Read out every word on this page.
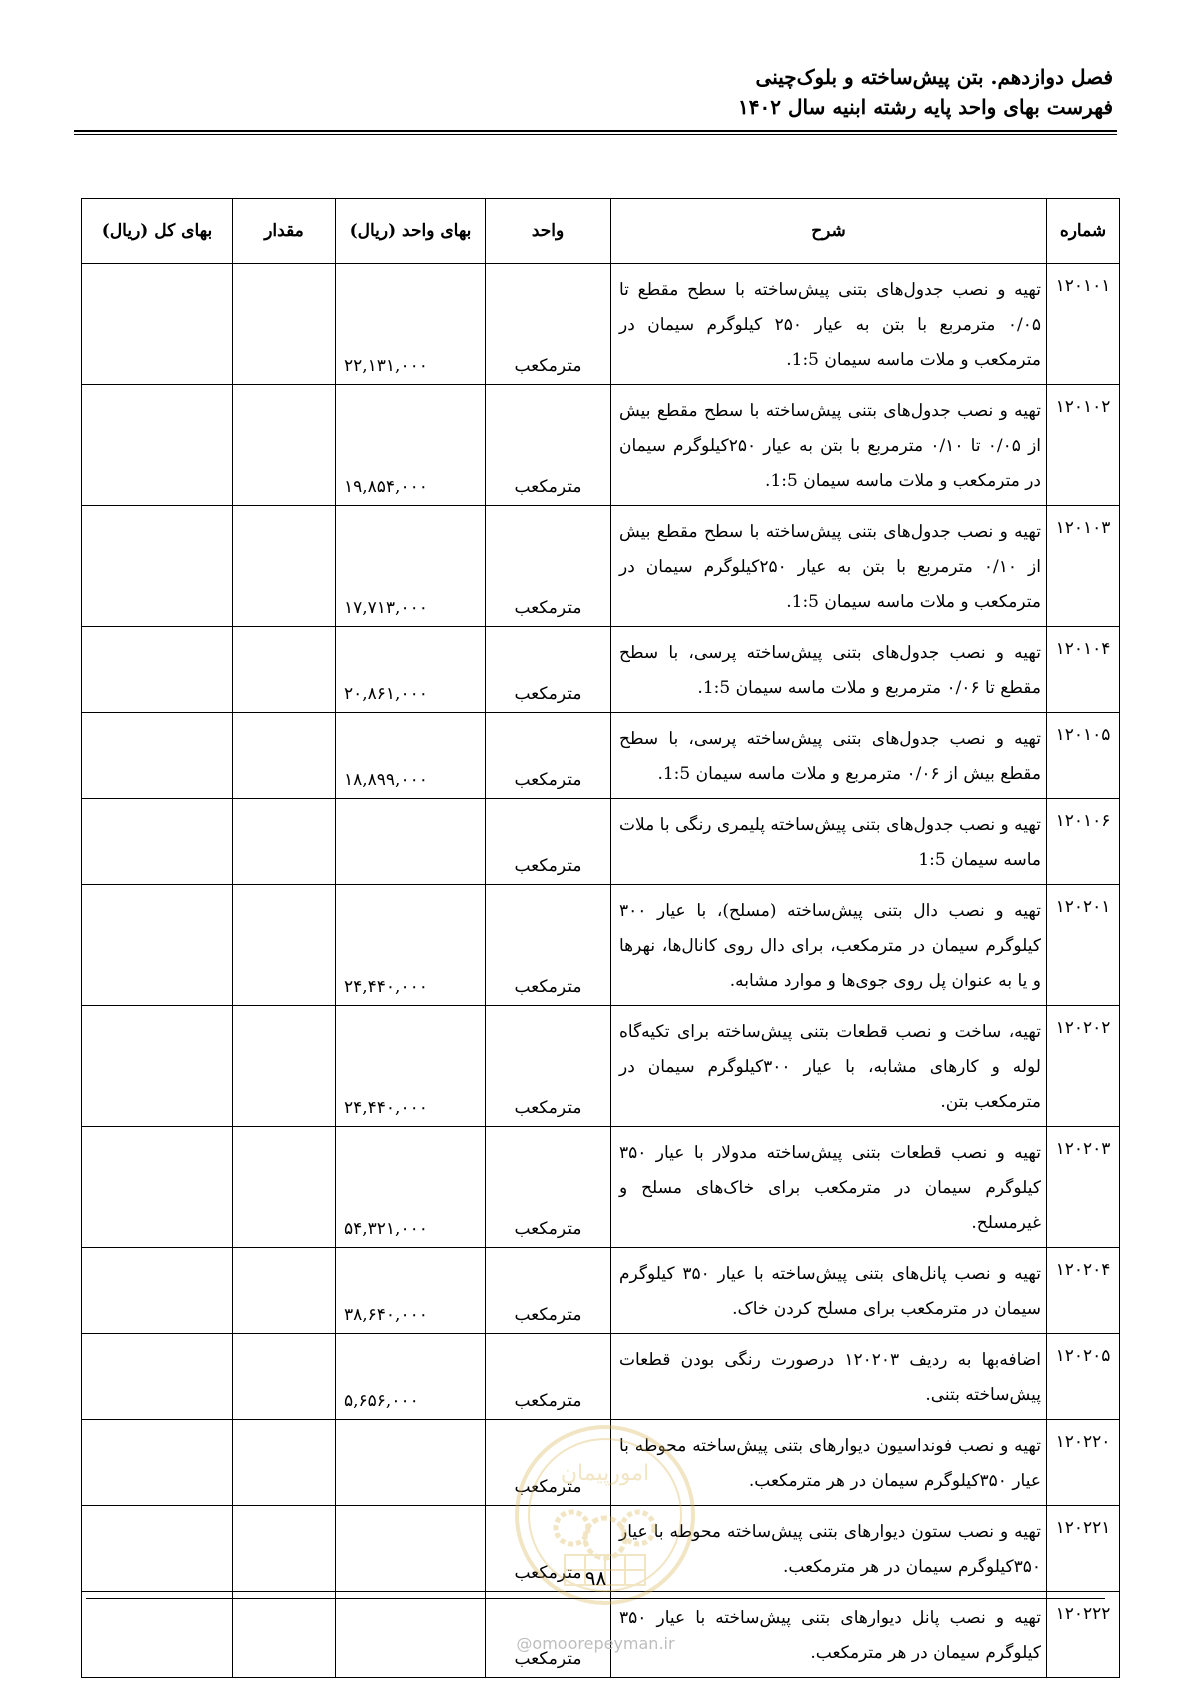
فصل دوازدهم. بتن پیش‌ساخته و بلوک‌چینی
فهرست بهای واحد پایه رشته ابنیه سال ۱۴۰۲
شماره	شرح	واحد	بهای واحد (ریال)	مقدار	بهای کل (ریال)
۱۲۰۱۰۱	تهیه و نصب جدول‌های بتنی پیش‌ساخته با سطح مقطع تا ۰/۰۵ مترمربع با بتن به عیار ۲۵۰ کیلوگرم سیمان در مترمکعب و ملات ماسه سیمان 1:5.	مترمکعب	۲۲,۱۳۱,۰۰۰		
۱۲۰۱۰۲	تهیه و نصب جدول‌های بتنی پیش‌ساخته با سطح مقطع بیش از ۰/۰۵ تا ۰/۱۰ مترمربع با بتن به عیار ۲۵۰کیلوگرم سیمان در مترمکعب و ملات ماسه سیمان 1:5.	مترمکعب	۱۹,۸۵۴,۰۰۰		
۱۲۰۱۰۳	تهیه و نصب جدول‌های بتنی پیش‌ساخته با سطح مقطع بیش از ۰/۱۰ مترمربع با بتن به عیار ۲۵۰کیلوگرم سیمان در مترمکعب و ملات ماسه سیمان 1:5.	مترمکعب	۱۷,۷۱۳,۰۰۰		
۱۲۰۱۰۴	تهیه و نصب جدول‌های بتنی پیش‌ساخته پرسی، با سطح مقطع تا ۰/۰۶ مترمربع و ملات ماسه سیمان 1:5.	مترمکعب	۲۰,۸۶۱,۰۰۰		
۱۲۰۱۰۵	تهیه و نصب جدول‌های بتنی پیش‌ساخته پرسی، با سطح مقطع بیش از ۰/۰۶ مترمربع و ملات ماسه سیمان 1:5.	مترمکعب	۱۸,۸۹۹,۰۰۰		
۱۲۰۱۰۶	تهیه و نصب جدول‌های بتنی پیش‌ساخته پلیمری رنگی با ملات ماسه سیمان 1:5	مترمکعب			
۱۲۰۲۰۱	تهیه و نصب دال بتنی پیش‌ساخته (مسلح)، با عیار ۳۰۰ کیلوگرم سیمان در مترمکعب، برای دال روی کانال‌ها، نهرها و یا به عنوان پل روی جوی‌ها و موارد مشابه.	مترمکعب	۲۴,۴۴۰,۰۰۰		
۱۲۰۲۰۲	تهیه، ساخت و نصب قطعات بتنی پیش‌ساخته برای تکیه‌گاه لوله و کارهای مشابه، با عیار ۳۰۰کیلوگرم سیمان در مترمکعب بتن.	مترمکعب	۲۴,۴۴۰,۰۰۰		
۱۲۰۲۰۳	تهیه و نصب قطعات بتنی پیش‌ساخته مدولار با عیار ۳۵۰ کیلوگرم سیمان در مترمکعب برای خاک‌های مسلح و غیرمسلح.	مترمکعب	۵۴,۳۲۱,۰۰۰		
۱۲۰۲۰۴	تهیه و نصب پانل‌های بتنی پیش‌ساخته با عیار ۳۵۰ کیلوگرم سیمان در مترمکعب برای مسلح کردن خاک.	مترمکعب	۳۸,۶۴۰,۰۰۰		
۱۲۰۲۰۵	اضافه‌بها به ردیف ۱۲۰۲۰۳ درصورت رنگی بودن قطعات پیش‌ساخته بتنی.	مترمکعب	۵,۶۵۶,۰۰۰		
۱۲۰۲۲۰	تهیه و نصب فونداسیون دیوارهای بتنی پیش‌ساخته محوطه با عیار ۳۵۰کیلوگرم سیمان در هر مترمکعب.	مترمکعب			
۱۲۰۲۲۱	تهیه و نصب ستون دیوارهای بتنی پیش‌ساخته محوطه با عیار ۳۵۰کیلوگرم سیمان در هر مترمکعب.	مترمکعب			
۱۲۰۲۲۲	تهیه و نصب پانل دیوارهای بتنی پیش‌ساخته با عیار ۳۵۰ کیلوگرم سیمان در هر مترمکعب.	مترمکعب			
امورپیمان
۹۸
@omoorepeyman.ir
